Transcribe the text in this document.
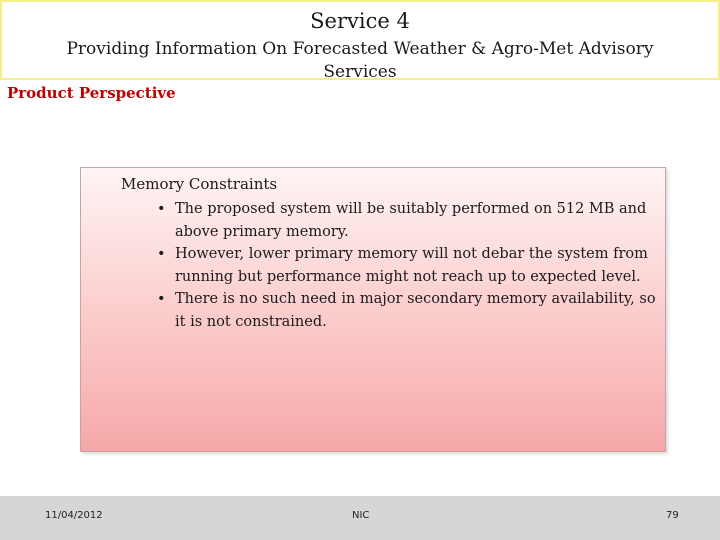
Service 4
Providing Information On Forecasted Weather & Agro-Met Advisory Services
Product Perspective
Memory Constraints
• The proposed system will be suitably performed on 512 MB and above primary memory.
• However, lower primary memory will not debar the system from running but performance might not reach up to expected level.
• There is no such need in major secondary memory availability, so it is not constrained.
11/04/2012	NIC	79
